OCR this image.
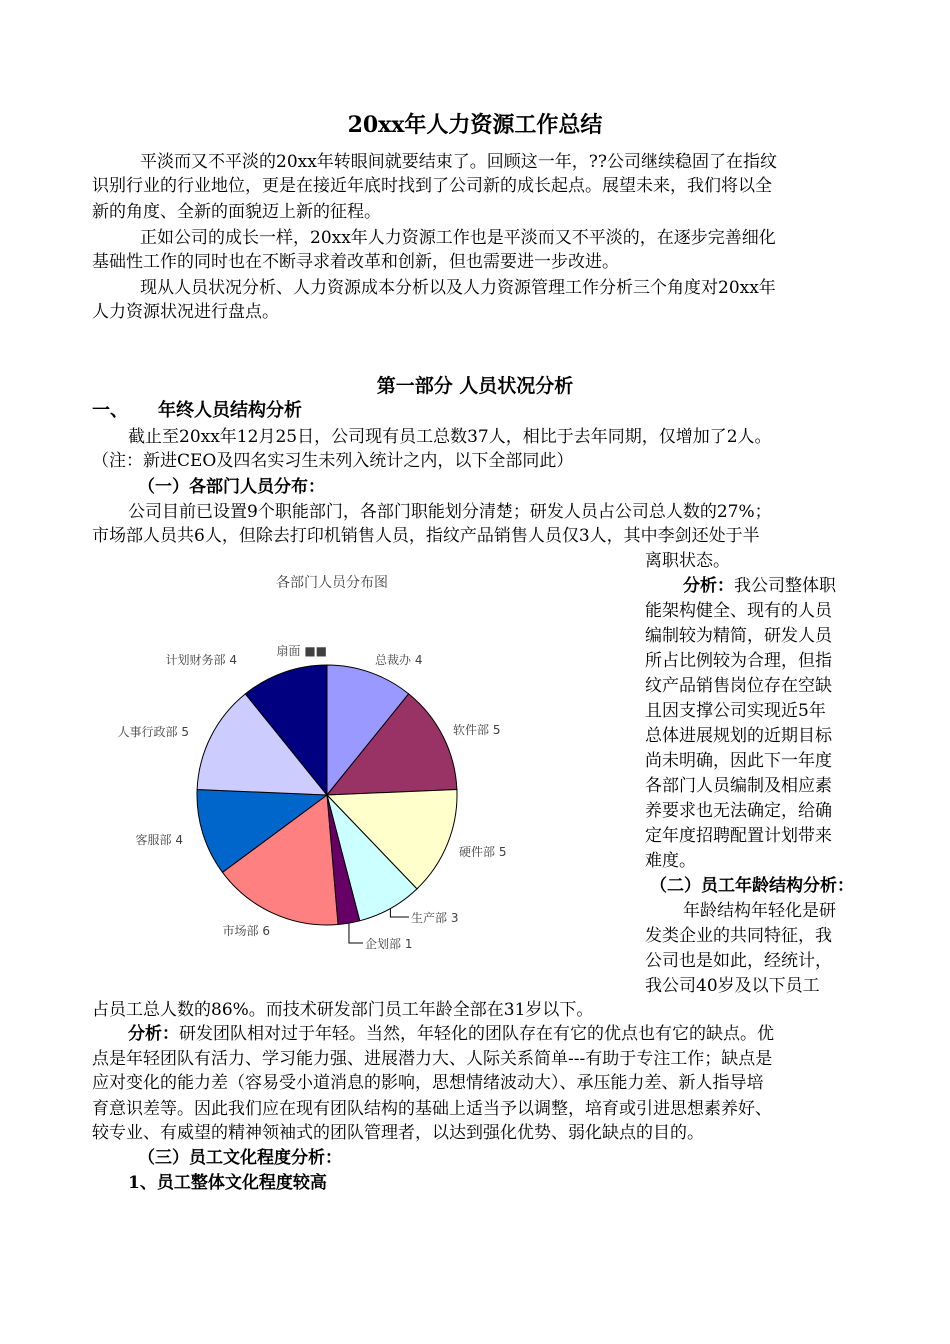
20xx年人力资源工作总结
平淡而又不平淡的20xx年转眼间就要结束了。回顾这一年，??公司继续稳固了在指纹
识别行业的行业地位，更是在接近年底时找到了公司新的成长起点。展望未来，我们将以全
新的角度、全新的面貌迈上新的征程。
正如公司的成长一样，20xx年人力资源工作也是平淡而又不平淡的，在逐步完善细化
基础性工作的同时也在不断寻求着改革和创新，但也需要进一步改进。
现从人员状况分析、人力资源成本分析以及人力资源管理工作分析三个角度对20xx年
人力资源状况进行盘点。
第一部分 人员状况分析
一、 年终人员结构分析
截止至20xx年12月25日，公司现有员工总数37人，相比于去年同期，仅增加了2人。
（注：新进CEO及四名实习生未列入统计之内，以下全部同此）
（一）各部门人员分布：
公司目前已设置9个职能部门，各部门职能划分清楚；研发人员占公司总人数的27%；
市场部人员共6人，但除去打印机销售人员，指纹产品销售人员仅3人，其中李剑还处于半
离职状态。
分析：我公司整体职
能架构健全、现有的人员
编制较为精简，研发人员
所占比例较为合理，但指
纹产品销售岗位存在空缺
且因支撑公司实现近5年
总体进展规划的近期目标
尚未明确，因此下一年度
各部门人员编制及相应素
养要求也无法确定，给确
定年度招聘配置计划带来
难度。
（二）员工年龄结构分析：
年龄结构年轻化是研
发类企业的共同特征，我
公司也是如此，经统计，
我公司40岁及以下员工
各部门人员分布图
总裁办 4
软件部 5
硬件部 5
生产部 3
企划部 1
市场部 6
客服部 4
人事行政部 5
计划财务部 4
扇面 ■■
占员工总人数的86%。而技术研发部门员工年龄全部在31岁以下。
分析：研发团队相对过于年轻。当然，年轻化的团队存在有它的优点也有它的缺点。优
点是年轻团队有活力、学习能力强、进展潜力大、人际关系简单---有助于专注工作；缺点是
应对变化的能力差（容易受小道消息的影响，思想情绪波动大）、承压能力差、新人指导培
育意识差等。因此我们应在现有团队结构的基础上适当予以调整，培育或引进思想素养好、
较专业、有威望的精神领袖式的团队管理者，以达到强化优势、弱化缺点的目的。
（三）员工文化程度分析：
1、员工整体文化程度较高
